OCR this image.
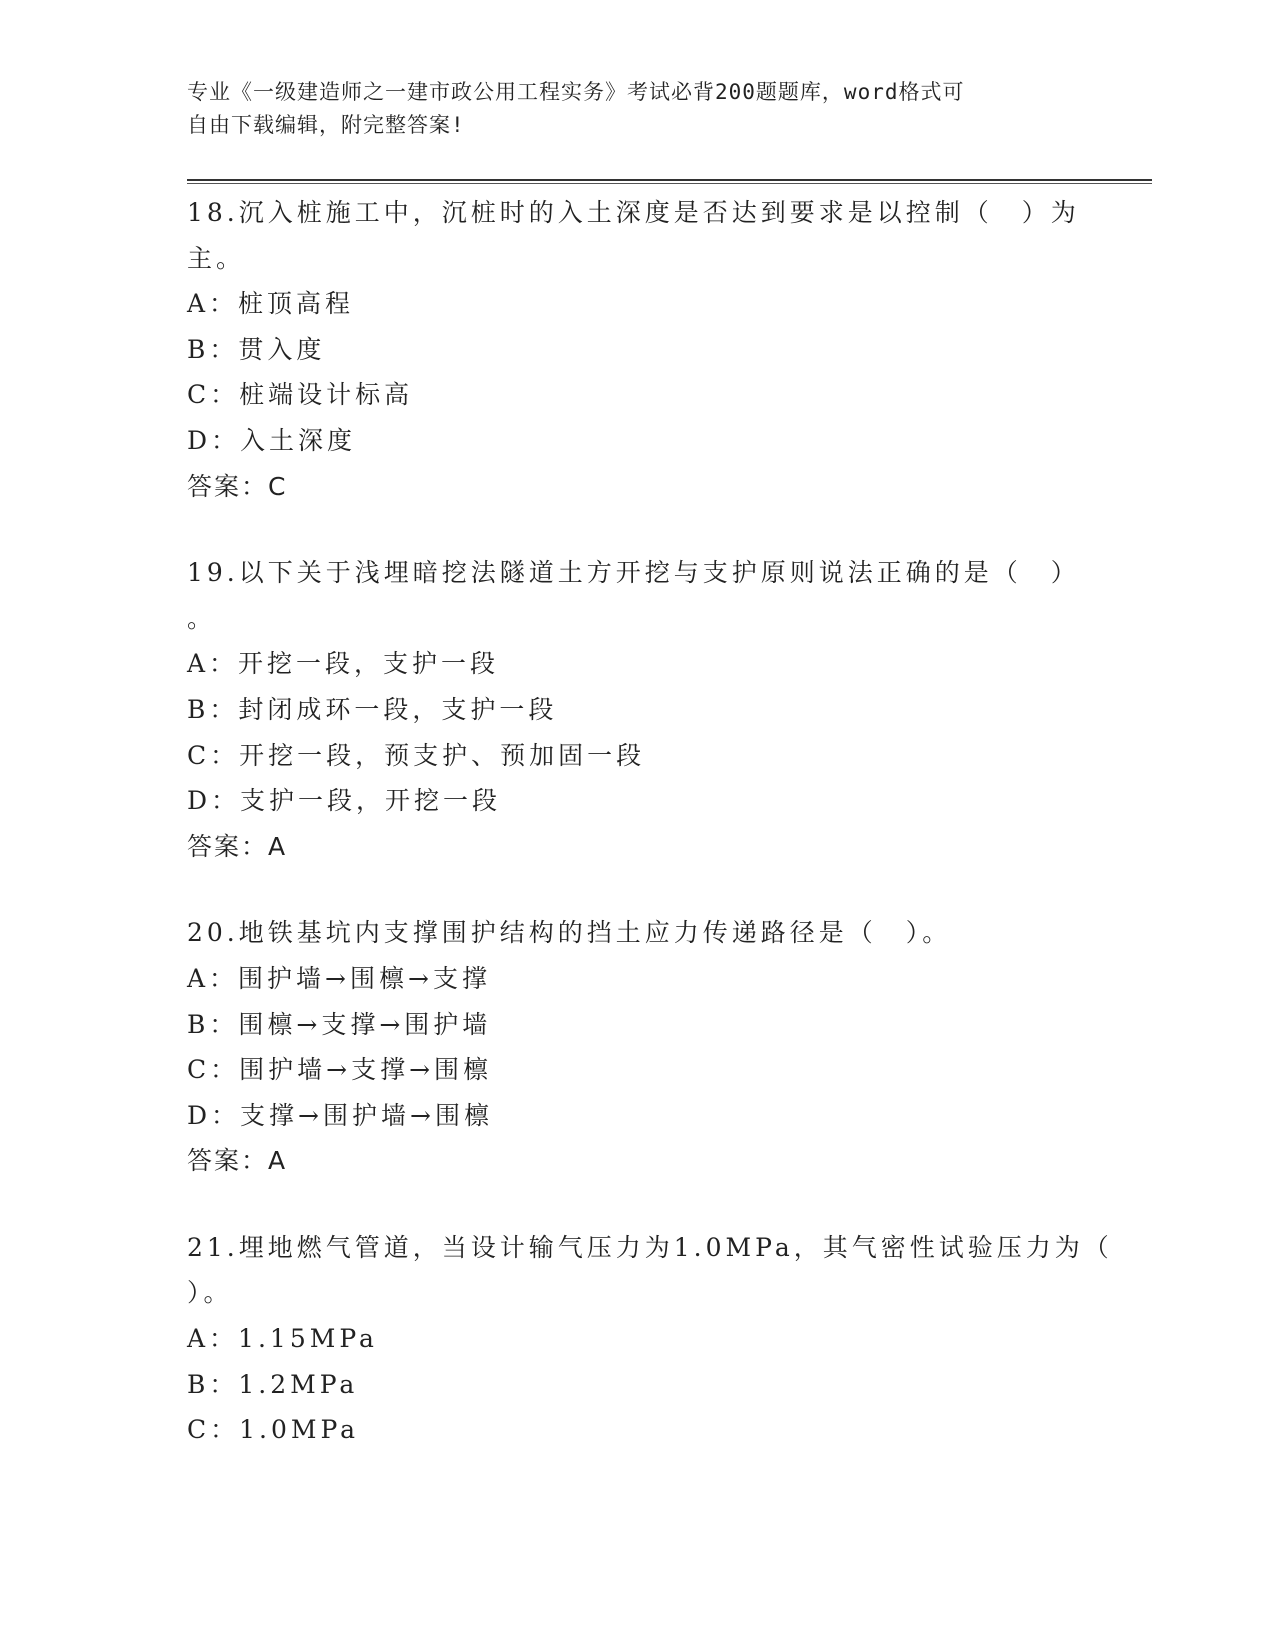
专业《一级建造师之一建市政公用工程实务》考试必背200题题库，word格式可
自由下载编辑，附完整答案!
18.沉入桩施工中，沉桩时的入土深度是否达到要求是以控制（　）为
主。
A：桩顶高程
B：贯入度
C：桩端设计标高
D：入土深度
答案：C
19.以下关于浅埋暗挖法隧道土方开挖与支护原则说法正确的是（　）
。
A：开挖一段，支护一段
B：封闭成环一段，支护一段
C：开挖一段，预支护、预加固一段
D：支护一段，开挖一段
答案：A
20.地铁基坑内支撑围护结构的挡土应力传递路径是（　）。
A：围护墙→围檩→支撑
B：围檩→支撑→围护墙
C：围护墙→支撑→围檩
D：支撑→围护墙→围檩
答案：A
21.埋地燃气管道，当设计输气压力为1.0MPa，其气密性试验压力为（
）。
A：1.15MPa
B：1.2MPa
C：1.0MPa
